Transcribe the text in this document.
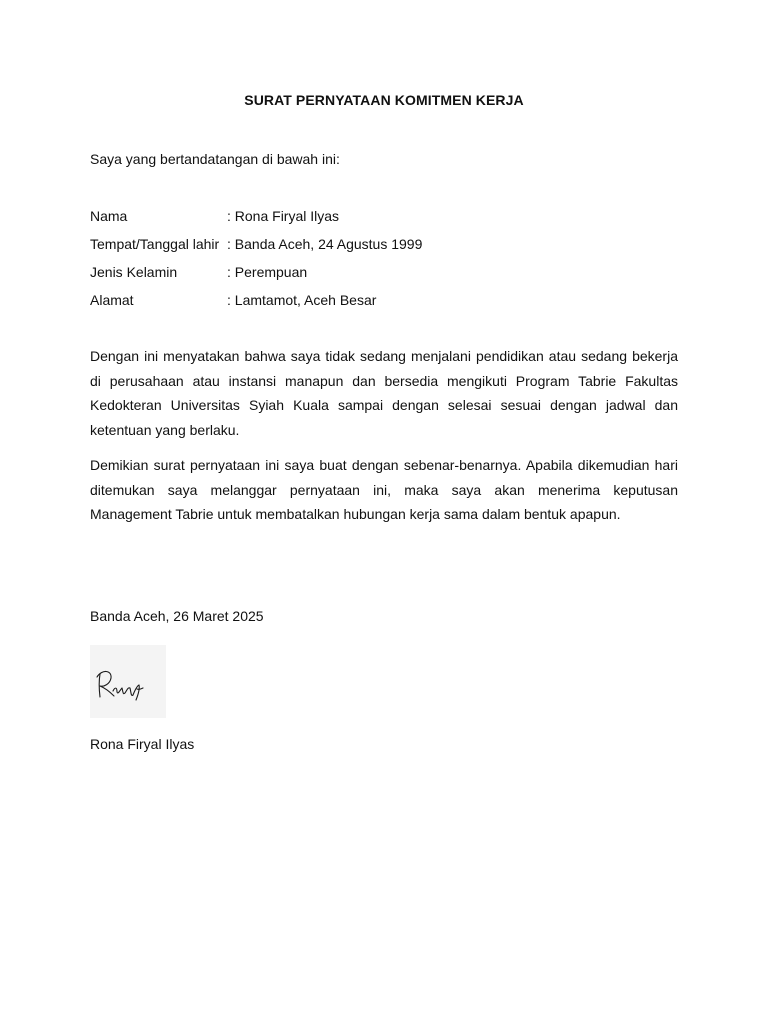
SURAT PERNYATAAN KOMITMEN KERJA
Saya yang bertandatangan di bawah ini:
Nama	: Rona Firyal Ilyas
Tempat/Tanggal lahir : Banda Aceh, 24 Agustus 1999
Jenis Kelamin	: Perempuan
Alamat	: Lamtamot, Aceh Besar
Dengan ini menyatakan bahwa saya tidak sedang menjalani pendidikan atau sedang bekerja di perusahaan atau instansi manapun dan bersedia mengikuti Program Tabrie Fakultas Kedokteran Universitas Syiah Kuala sampai dengan selesai sesuai dengan jadwal dan ketentuan yang berlaku.
Demikian surat pernyataan ini saya buat dengan sebenar-benarnya. Apabila dikemudian hari ditemukan saya melanggar pernyataan ini, maka saya akan menerima keputusan Management Tabrie untuk membatalkan hubungan kerja sama dalam bentuk apapun.
Banda Aceh, 26 Maret 2025
Rona Firyal Ilyas
